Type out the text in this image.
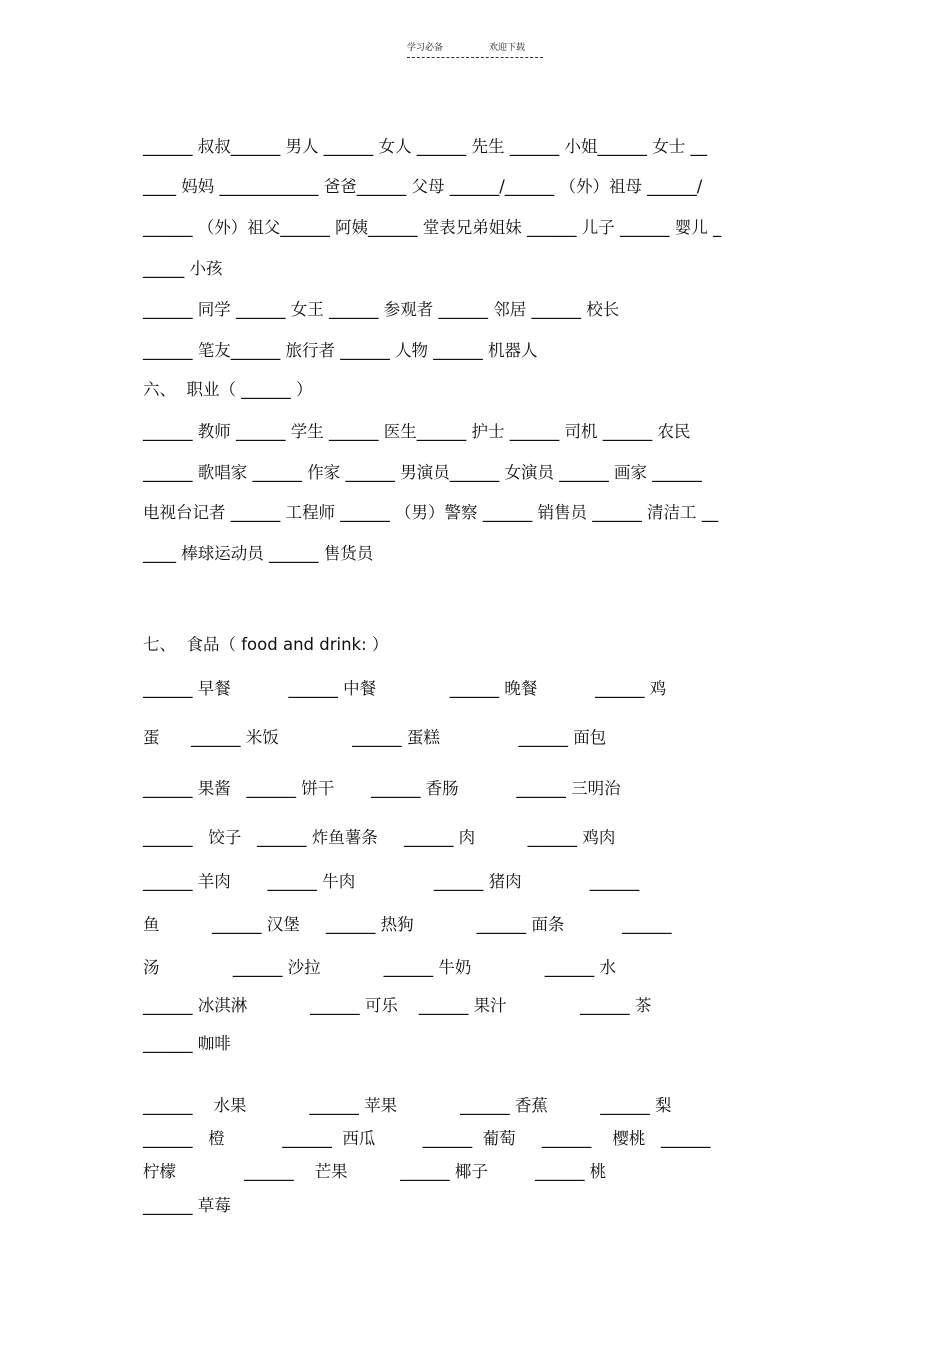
学习必备	欢迎下载
______ 叔叔______ 男人 ______ 女人 ______ 先生 ______ 小姐______ 女士 __
____ 妈妈 ____________ 爸爸______ 父母 ______/______ （外）祖母 ______/
______ （外）祖父______ 阿姨______ 堂表兄弟姐妹 ______ 儿子 ______ 婴儿 _
_____ 小孩
______ 同学 ______ 女王 ______ 参观者 ______ 邻居 ______ 校长
______ 笔友______ 旅行者 ______ 人物 ______ 机器人
六、  职业（ ______ ）
______ 教师 ______ 学生 ______ 医生______ 护士 ______ 司机 ______ 农民
______ 歌唱家 ______ 作家 ______ 男演员______ 女演员 ______ 画家 ______
电视台记者 ______ 工程师 ______ （男）警察 ______ 销售员 ______ 清洁工 __
____ 棒球运动员 ______ 售货员
七、  食品（ food and drink: ）
______ 早餐           ______ 中餐              ______ 晚餐           ______ 鸡
蛋      ______ 米饭              ______ 蛋糕               ______ 面包
______ 果酱   ______ 饼干       ______ 香肠           ______ 三明治
______   饺子   ______ 炸鱼薯条     ______ 肉          ______ 鸡肉
______ 羊肉       ______ 牛肉               ______ 猪肉             ______
鱼          ______ 汉堡     ______ 热狗            ______ 面条           ______
汤              ______ 沙拉            ______ 牛奶              ______ 水
______ 冰淇淋            ______ 可乐    ______ 果汁              ______ 茶
______ 咖啡
______    水果            ______ 苹果            ______ 香蕉          ______ 梨
______   橙           ______  西瓜         ______  葡萄     ______    樱桃   ______
柠檬             ______    芒果          ______ 椰子         ______ 桃
______ 草莓
